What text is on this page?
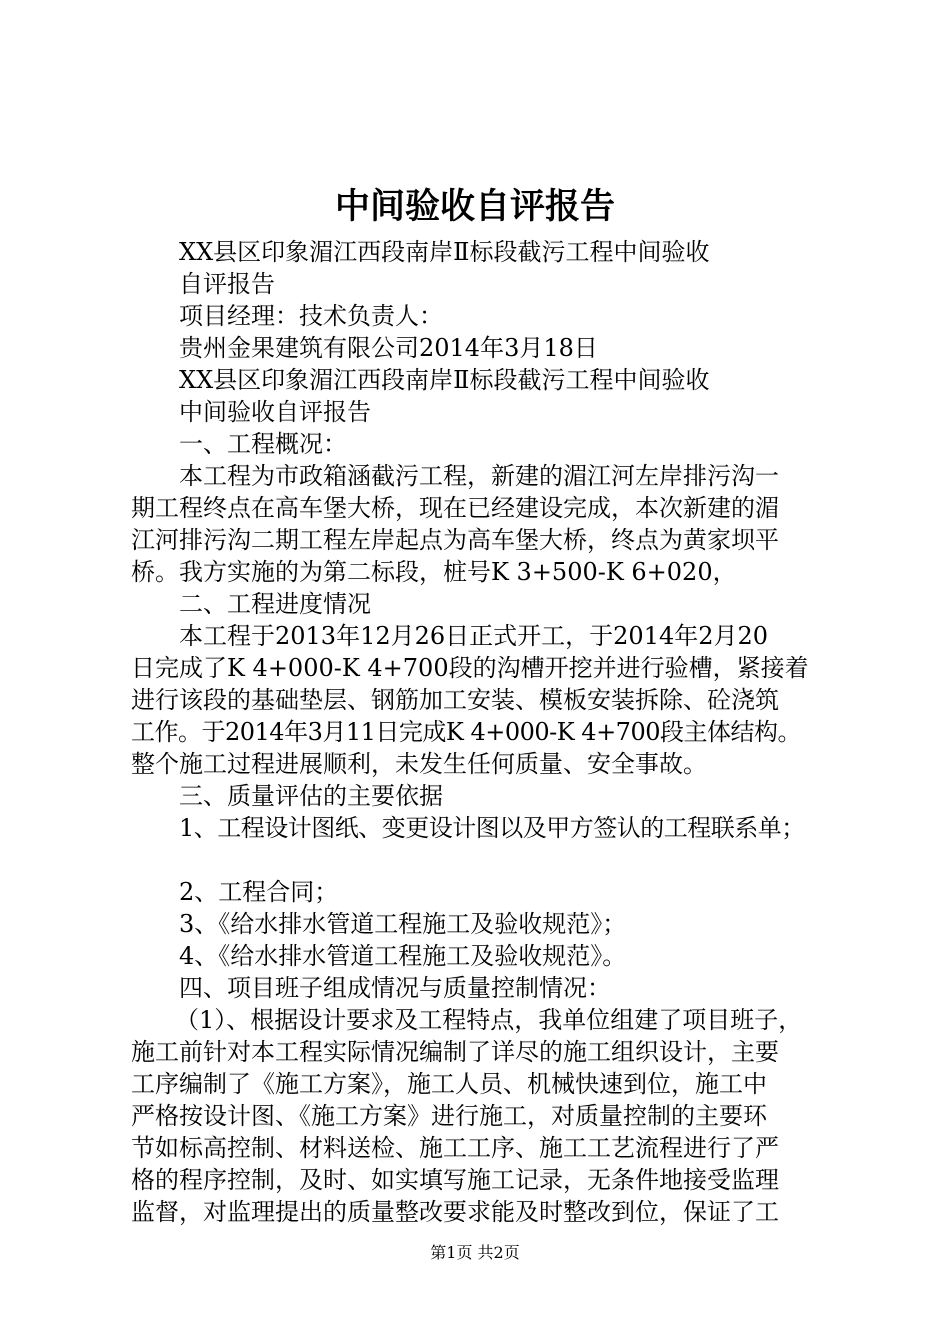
中间验收自评报告
XX县区印象湄江西段南岸Ⅱ标段截污工程中间验收
自评报告
项目经理：技术负责人：
贵州金果建筑有限公司2014年3月18日
XX县区印象湄江西段南岸Ⅱ标段截污工程中间验收
中间验收自评报告
一、工程概况：
本工程为市政箱涵截污工程，新建的湄江河左岸排污沟一
期工程终点在高车堡大桥，现在已经建设完成，本次新建的湄
江河排污沟二期工程左岸起点为高车堡大桥，终点为黄家坝平
桥。我方实施的为第二标段，桩号K 3+500-K 6+020，
二、工程进度情况
本工程于2013年12月26日正式开工，于2014年2月20
日完成了K 4+000-K 4+700段的沟槽开挖并进行验槽，紧接着
进行该段的基础垫层、钢筋加工安装、模板安装拆除、砼浇筑
工作。于2014年3月11日完成K 4+000-K 4+700段主体结构。
整个施工过程进展顺利，未发生任何质量、安全事故。
三、质量评估的主要依据
1、工程设计图纸、变更设计图以及甲方签认的工程联系单；
2、工程合同；
3、《给水排水管道工程施工及验收规范》；
4、《给水排水管道工程施工及验收规范》。
四、项目班子组成情况与质量控制情况：
（1）、根据设计要求及工程特点，我单位组建了项目班子，
施工前针对本工程实际情况编制了详尽的施工组织设计，主要
工序编制了《施工方案》，施工人员、机械快速到位，施工中
严格按设计图、《施工方案》进行施工，对质量控制的主要环
节如标高控制、材料送检、施工工序、施工工艺流程进行了严
格的程序控制，及时、如实填写施工记录，无条件地接受监理
监督，对监理提出的质量整改要求能及时整改到位，保证了工
第1页 共2页
